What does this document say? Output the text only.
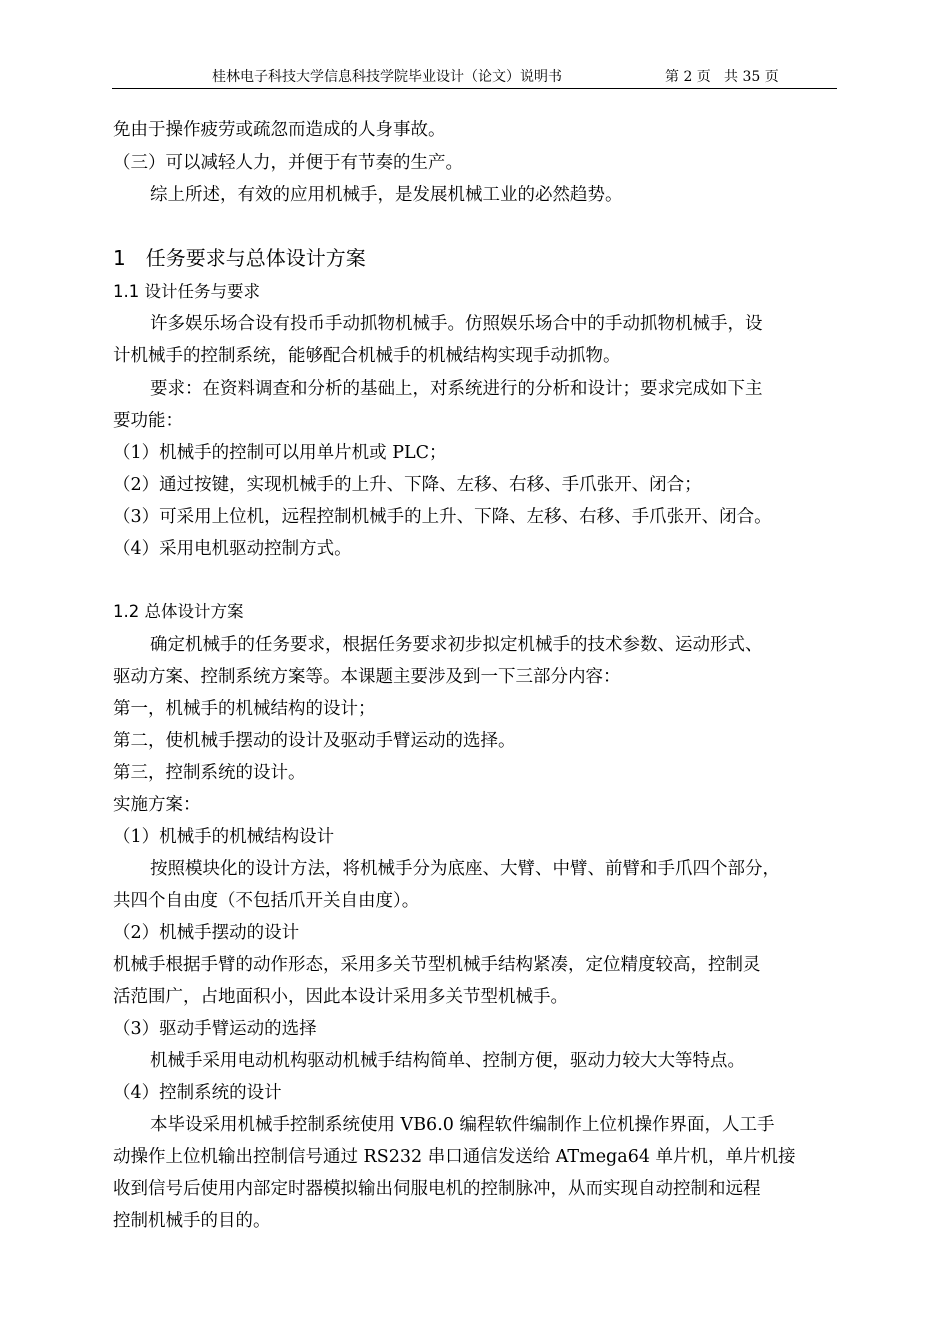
桂林电子科技大学信息科技学院毕业设计（论文）说明书	第 2 页 共 35 页
免由于操作疲劳或疏忽而造成的人身事故。
（三）可以减轻人力，并便于有节奏的生产。
综上所述，有效的应用机械手，是发展机械工业的必然趋势。
1　任务要求与总体设计方案
1.1 设计任务与要求
许多娱乐场合设有投币手动抓物机械手。仿照娱乐场合中的手动抓物机械手，设
计机械手的控制系统，能够配合机械手的机械结构实现手动抓物。
要求：在资料调查和分析的基础上，对系统进行的分析和设计；要求完成如下主
要功能：
（1）机械手的控制可以用单片机或 PLC；
（2）通过按键，实现机械手的上升、下降、左移、右移、手爪张开、闭合；
（3）可采用上位机，远程控制机械手的上升、下降、左移、右移、手爪张开、闭合。
（4）采用电机驱动控制方式。
1.2 总体设计方案
确定机械手的任务要求，根据任务要求初步拟定机械手的技术参数、运动形式、
驱动方案、控制系统方案等。本课题主要涉及到一下三部分内容：
第一，机械手的机械结构的设计；
第二，使机械手摆动的设计及驱动手臂运动的选择。
第三，控制系统的设计。
实施方案：
（1）机械手的机械结构设计
按照模块化的设计方法，将机械手分为底座、大臂、中臂、前臂和手爪四个部分，
共四个自由度（不包括爪开关自由度）。
（2）机械手摆动的设计
机械手根据手臂的动作形态，采用多关节型机械手结构紧凑，定位精度较高，控制灵
活范围广，占地面积小，因此本设计采用多关节型机械手。
（3）驱动手臂运动的选择
机械手采用电动机构驱动机械手结构简单、控制方便，驱动力较大大等特点。
（4）控制系统的设计
本毕设采用机械手控制系统使用 VB6.0 编程软件编制作上位机操作界面，人工手
动操作上位机输出控制信号通过 RS232 串口通信发送给 ATmega64 单片机，单片机接
收到信号后使用内部定时器模拟输出伺服电机的控制脉冲，从而实现自动控制和远程
控制机械手的目的。
